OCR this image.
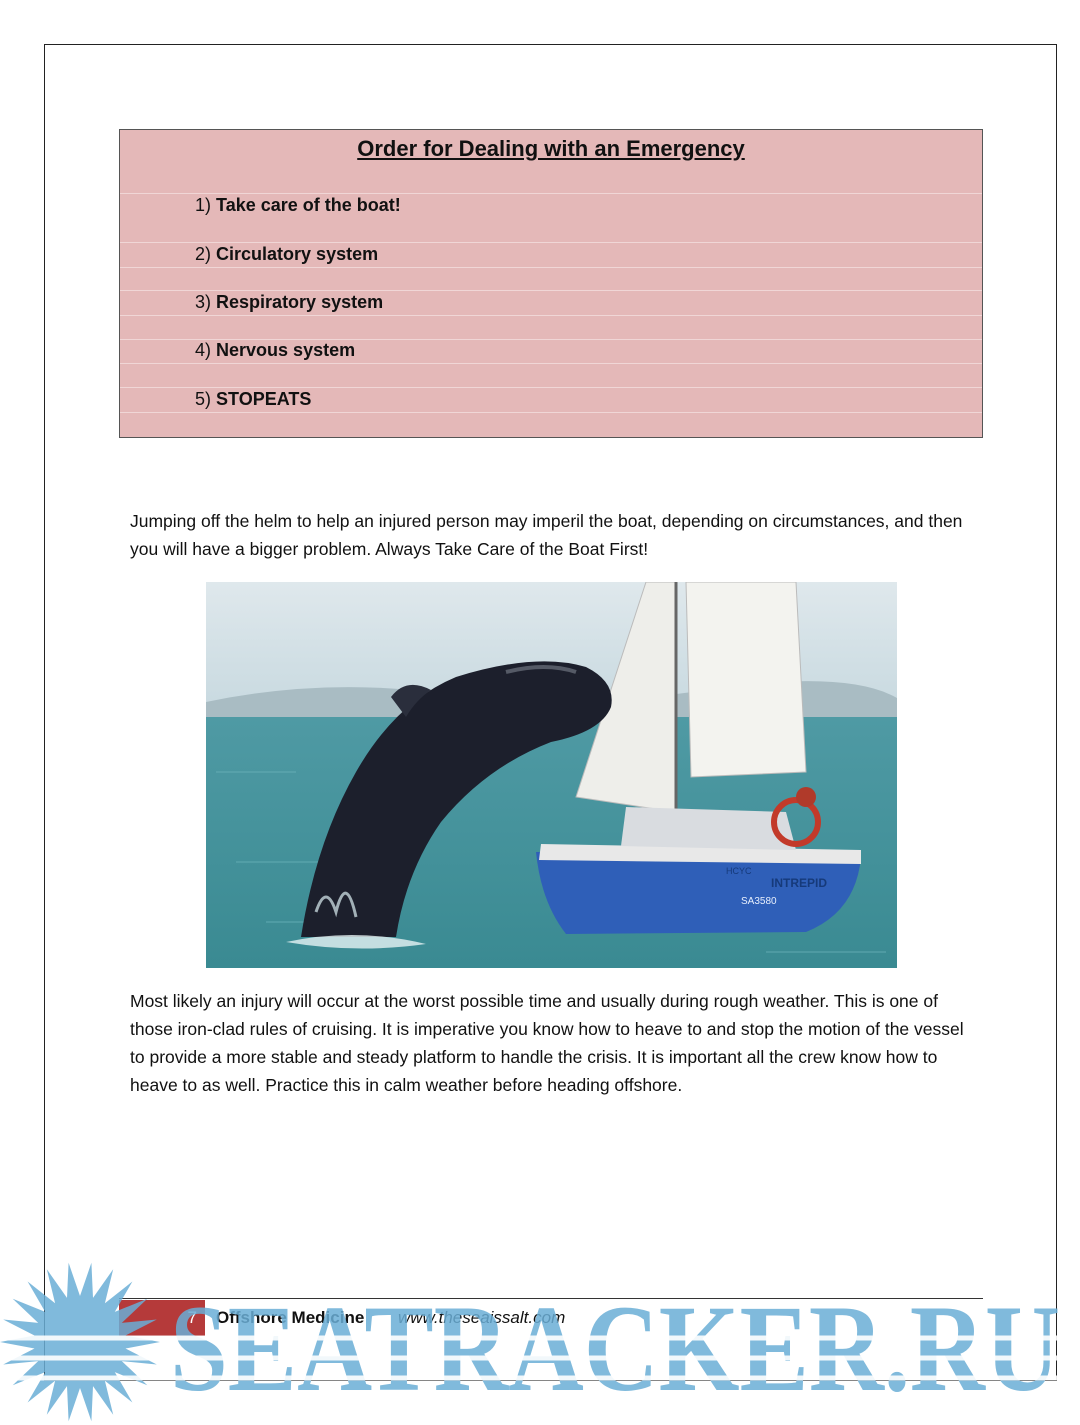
Order for Dealing with an Emergency
1) Take care of the boat!
2) Circulatory system
3) Respiratory system
4) Nervous system
5) STOPEATS
Jumping off the helm to help an injured person may imperil the boat, depending on circumstances, and then you will have a bigger problem. Always Take Care of the Boat First!
INTREPID
SA3580
HCYC
Most likely an injury will occur at the worst possible time and usually during rough weather. This is one of those iron-clad rules of cruising. It is imperative you know how to heave to and stop the motion of the vessel to provide a more stable and steady platform to handle the crisis. It is important all the crew know how to heave to as well. Practice this in calm weather before heading offshore.
7	Offshore Medicine www.theseaissalt.com
SEATRACKER.RU
